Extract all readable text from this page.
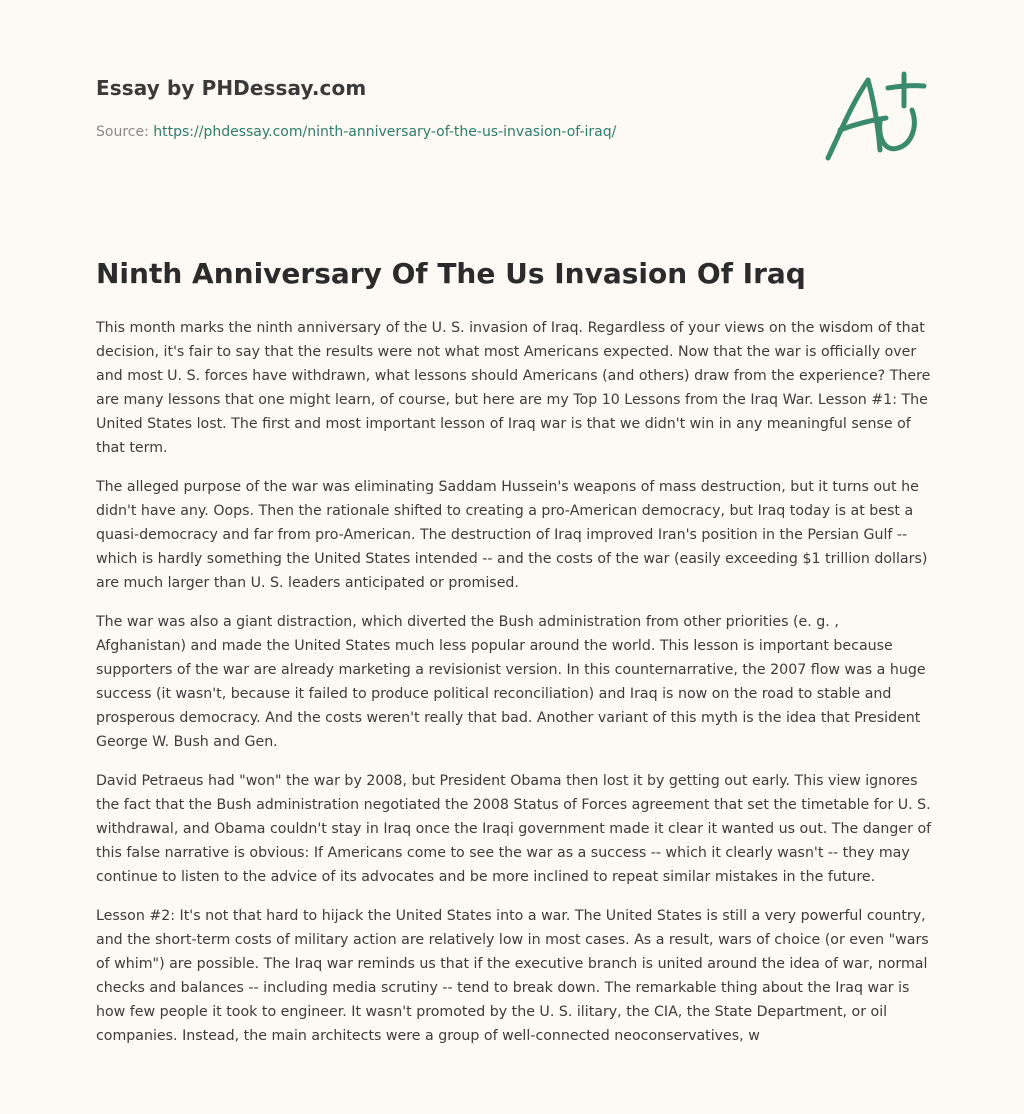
Essay by PHDessay.com
Source: https://phdessay.com/ninth-anniversary-of-the-us-invasion-of-iraq/
Ninth Anniversary Of The Us Invasion Of Iraq

This month marks the ninth anniversary of the U. S. invasion of Iraq. Regardless of your views on the wisdom of that decision, it's fair to say that the results were not what most Americans expected. Now that the war is officially over and most U. S. forces have withdrawn, what lessons should Americans (and others) draw from the experience? There are many lessons that one might learn, of course, but here are my Top 10 Lessons from the Iraq War. Lesson #1: The United States lost. The first and most important lesson of Iraq war is that we didn't win in any meaningful sense of that term.

The alleged purpose of the war was eliminating Saddam Hussein's weapons of mass destruction, but it turns out he didn't have any. Oops. Then the rationale shifted to creating a pro-American democracy, but Iraq today is at best a quasi-democracy and far from pro-American. The destruction of Iraq improved Iran's position in the Persian Gulf -- which is hardly something the United States intended -- and the costs of the war (easily exceeding $1 trillion dollars) are much larger than U. S. leaders anticipated or promised.

The war was also a giant distraction, which diverted the Bush administration from other priorities (e. g. , Afghanistan) and made the United States much less popular around the world. This lesson is important because supporters of the war are already marketing a revisionist version. In this counternarrative, the 2007 flow was a huge success (it wasn't, because it failed to produce political reconciliation) and Iraq is now on the road to stable and prosperous democracy. And the costs weren't really that bad. Another variant of this myth is the idea that President George W. Bush and Gen.

David Petraeus had "won" the war by 2008, but President Obama then lost it by getting out early. This view ignores the fact that the Bush administration negotiated the 2008 Status of Forces agreement that set the timetable for U. S. withdrawal, and Obama couldn't stay in Iraq once the Iraqi government made it clear it wanted us out. The danger of this false narrative is obvious: If Americans come to see the war as a success -- which it clearly wasn't -- they may continue to listen to the advice of its advocates and be more inclined to repeat similar mistakes in the future.

Lesson #2: It's not that hard to hijack the United States into a war. The United States is still a very powerful country, and the short-term costs of military action are relatively low in most cases. As a result, wars of choice (or even "wars of whim") are possible. The Iraq war reminds us that if the executive branch is united around the idea of war, normal checks and balances -- including media scrutiny -- tend to break down. The remarkable thing about the Iraq war is how few people it took to engineer. It wasn't promoted by the U. S. ilitary, the CIA, the State Department, or oil companies. Instead, the main architects were a group of well-connected neoconservatives, w
